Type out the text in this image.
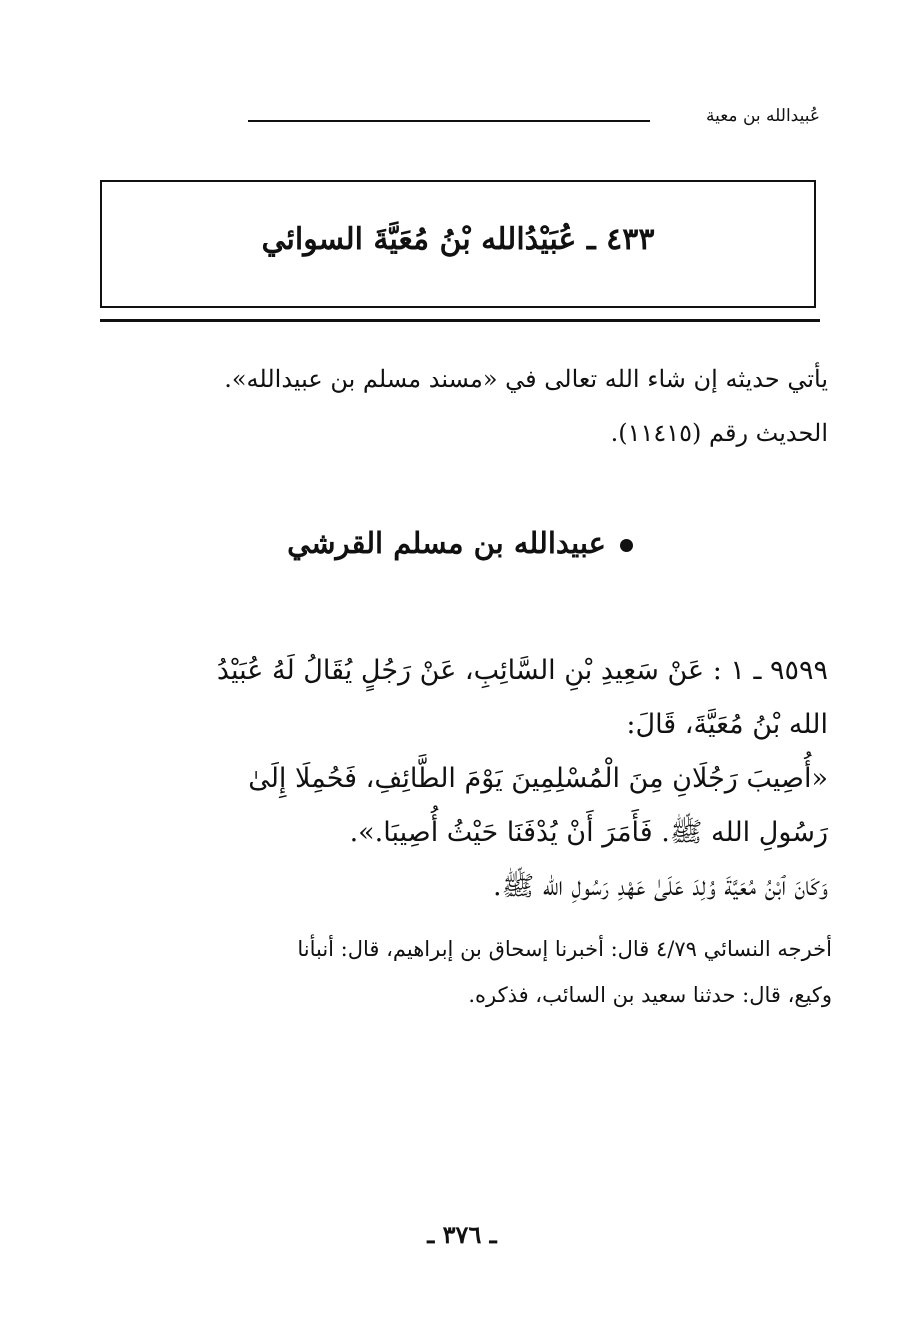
عُبيدالله بن معية
٤٣٣ ـ عُبَيْدُالله بْنُ مُعَيَّةَ السوائي
يأتي حديثه إن شاء الله تعالى في «مسند مسلم بن عبيدالله».
الحديث رقم (١١٤١٥).
عبيدالله بن مسلم القرشي
٩٥٩٩ ـ ١ : عَنْ سَعِيدِ بْنِ السَّائِبِ، عَنْ رَجُلٍ يُقَالُ لَهُ عُبَيْدُ
الله بْنُ مُعَيَّةَ، قَالَ:
«أُصِيبَ رَجُلَانِ مِنَ الْمُسْلِمِينَ يَوْمَ الطَّائِفِ، فَحُمِلَا إِلَىٰ
رَسُولِ الله ﷺ. فَأَمَرَ أَنْ يُدْفَنَا حَيْثُ أُصِيبَا.».
وَكَانَ ٱبْنُ مُعَيَّةَ وُلِدَ عَلَىٰ عَهْدِ رَسُولِ الله ﷺ.
أخرجه النسائي ٤/٧٩ قال: أخبرنا إسحاق بن إبراهيم، قال: أنبأنا
وكيع، قال: حدثنا سعيد بن السائب، فذكره.
ـ ٣٧٦ ـ
